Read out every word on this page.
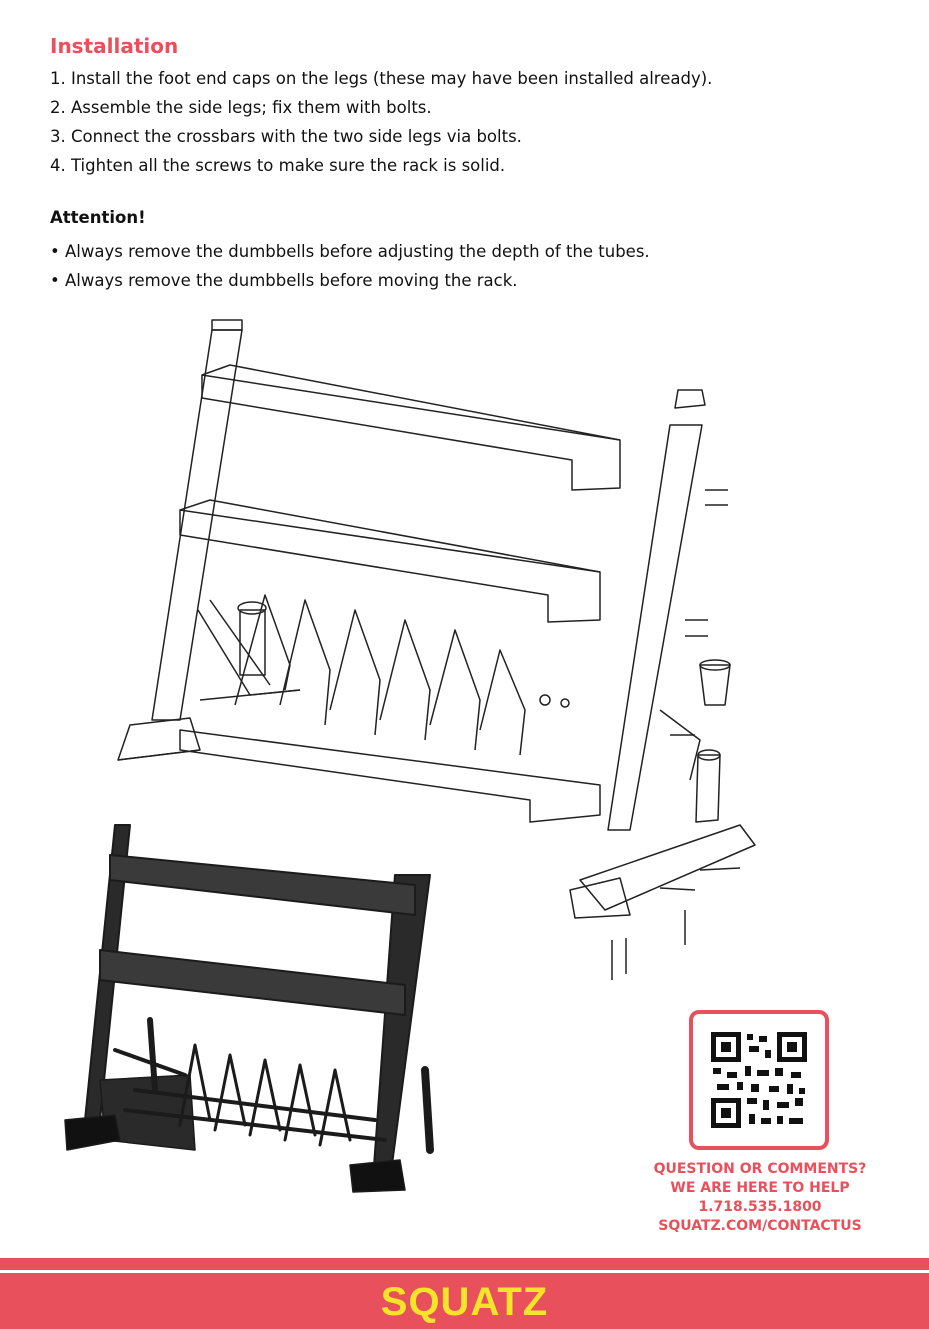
Installation
1. Install the foot end caps on the legs (these may have been installed already).
2. Assemble the side legs; fix them with bolts.
3. Connect the crossbars with the two side legs via bolts.
4. Tighten all the screws to make sure the rack is solid.
Attention!
• Always remove the dumbbells before adjusting the depth of the tubes.
• Always remove the dumbbells before moving the rack.
QUESTION OR COMMENTS?
WE ARE HERE TO HELP
1.718.535.1800
SQUATZ.COM/CONTACTUS
SQUATZ
